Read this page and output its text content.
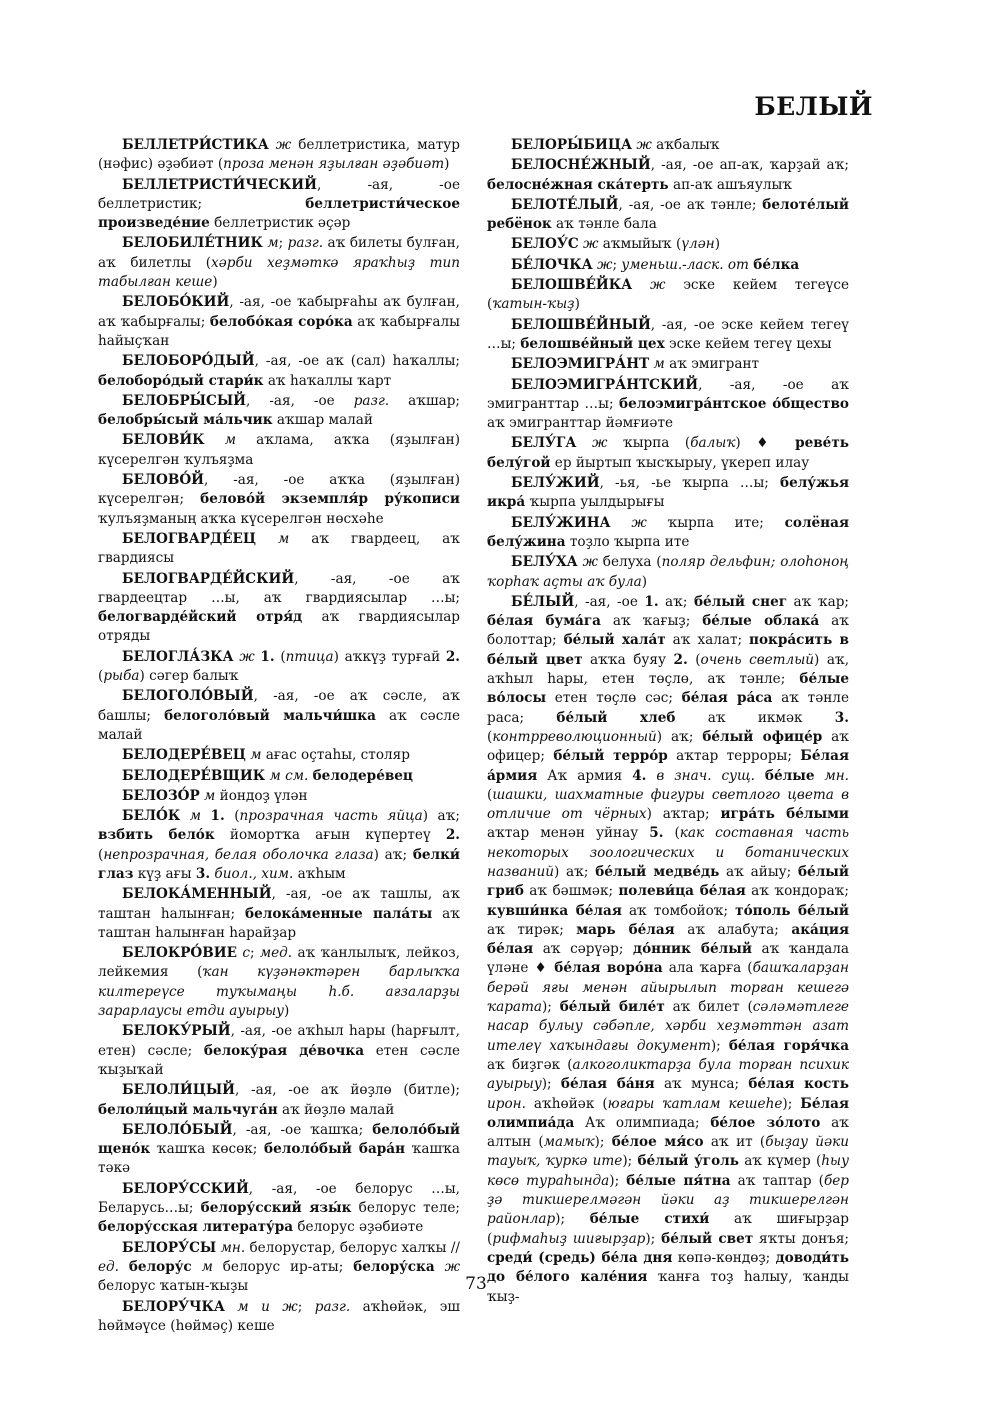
БЕЛЫЙ

БЕЛЛЕТРИ́СТИКА ж беллетристика, матур (нәфис) әҙәбиәт (проза менән яҙылған әҙәбиәт)

БЕЛЛЕТРИСТИ́ЧЕСКИЙ, -ая, -ое беллетристик; беллетристи́ческое произведе́ние беллетристик әҫәр

БЕЛОБИЛЕ́ТНИК м; разг. аҡ билеты булған, аҡ билетлы (хәрби хеҙмәткә яраҡһыҙ тип табылған кеше)

БЕЛОБО́КИЙ, -ая, -ое ҡабырғаһы аҡ булған, аҡ ҡабырғалы; белобо́кая соро́ка аҡ ҡабырғалы һайыҫҡан

БЕЛОБОРО́ДЫЙ, -ая, -ое аҡ (сал) һаҡаллы; белоборо́дый стари́к аҡ һаҡаллы ҡарт

БЕЛОБРЫ́СЫЙ, -ая, -ое разг. аҡшар; белобры́сый ма́льчик аҡшар малай

БЕЛОВИ́К м аҡлама, аҡҡа (яҙылған) күсерелгән ҡулъяҙма

БЕЛОВО́Й, -ая, -ое аҡҡа (яҙылған) күсерелгән; белово́й экземпля́р ру́кописи ҡулъяҙманың аҡҡа күсерелгән нөсхәһе

БЕЛОГВАРДЕ́ЕЦ м аҡ гвардеец, аҡ гвардиясы

БЕЛОГВАРДЕ́ЙСКИЙ, -ая, -ое аҡ гвардеецтар …ы, аҡ гвардиясылар …ы; белогварде́йский отря́д аҡ гвардиясылар отряды

БЕЛОГЛА́ЗКА ж 1. (птица) аҡкүҙ турғай 2. (рыба) сәгер балыҡ

БЕЛОГОЛО́ВЫЙ, -ая, -ое аҡ сәсле, аҡ башлы; белоголо́вый мальчи́шка аҡ сәсле малай

БЕЛОДЕРЕ́ВЕЦ м ағас оҫтаһы, столяр

БЕЛОДЕРЕ́ВЩИК м см. белодере́вец

БЕЛОЗО́Р м йондоҙ үлән

БЕЛО́К м 1. (прозрачная часть яйца) аҡ; взбить бело́к йомортҡа ағын күпертеү 2. (непрозрачная, белая оболочка глаза) аҡ; белки́ глаз күҙ ағы 3. биол., хим. аҡһым

БЕЛОКА́МЕННЫЙ, -ая, -ое аҡ ташлы, аҡ таштан һалынған; белока́менные пала́ты аҡ таштан һалынған һарайҙар

БЕЛОКРО́ВИЕ с; мед. аҡ ҡанлылыҡ, лейкоз, лейкемия (ҡан күҙәнәктәрен барлыҡҡа килтереүсе туҡымаңы һ.б. ағзаларҙы зарарлаусы етди ауырыу)

БЕЛОКУ́РЫЙ, -ая, -ое аҡһыл һары (һарғылт, етен) сәсле; белоку́рая де́вочка етен сәсле ҡыҙыҡай

БЕЛОЛИ́ЦЫЙ, -ая, -ое аҡ йөҙлө (битле); белоли́цый мальчуга́н аҡ йөҙлө малай

БЕЛОЛО́БЫЙ, -ая, -ое ҡашҡа; белоло́бый щено́к ҡашҡа көсөк; белоло́бый бара́н ҡашҡа тәкә

БЕЛОРУ́ССКИЙ, -ая, -ое белорус …ы, Беларусь…ы; белору́сский язы́к белорус теле; белору́сская литерату́ра белорус әҙәбиәте

БЕЛОРУ́СЫ мн. белорустар, белорус халҡы // ед. белору́с м белорус ир-аты; белору́ска ж белорус ҡатын-ҡыҙы

БЕЛОРУ́ЧКА м и ж; разг. аҡһөйәк, эш һөймәүсе (һөймәҫ) кеше

БЕЛОРЫ́БИЦА ж аҡбалыҡ

БЕЛОСНЕ́ЖНЫЙ, -ая, -ое ап-аҡ, ҡарҙай аҡ; белосне́жная ска́терть ап-аҡ ашъяулыҡ

БЕЛОТЕ́ЛЫЙ, -ая, -ое аҡ тәнле; белоте́лый ребёнок аҡ тәнле бала

БЕЛОУ́С ж аҡмыйыҡ (үлән)

БЕ́ЛОЧКА ж; уменьш.-ласк. от бе́лка

БЕЛОШВЕ́ЙКА ж эске кейем тегеүсе (ҡатын-ҡыҙ)

БЕЛОШВЕ́ЙНЫЙ, -ая, -ое эске кейем тегеү …ы; белошве́йный цех эске кейем тегеү цехы

БЕЛОЭМИГРА́НТ м аҡ эмигрант

БЕЛОЭМИГРА́НТСКИЙ, -ая, -ое аҡ эмигранттар …ы; белоэмигра́нтское о́бщество аҡ эмигранттар йәмғиәте

БЕЛУ́ГА ж ҡырпа (балыҡ) ♦ реве́ть белу́гой ер йыртып ҡысҡырыу, үкереп илау

БЕЛУ́ЖИЙ, -ья, -ье ҡырпа …ы; белу́жья икра́ ҡырпа уылдырығы

БЕЛУ́ЖИНА ж ҡырпа ите; солёная белу́жина тоҙло ҡырпа ите

БЕЛУ́ХА ж белуха (поляр дельфин; олоһоноң ҡорһаҡ аҫты аҡ була)

БЕ́ЛЫЙ, -ая, -ое 1. аҡ; бе́лый снег аҡ ҡар; бе́лая бума́га аҡ ҡағыҙ; бе́лые облака́ аҡ болоттар; бе́лый хала́т аҡ халат; покра́сить в бе́лый цвет аҡҡа буяу 2. (очень светлый) аҡ, аҡһыл һары, етен төҫлө, аҡ тәнле; бе́лые во́лосы етен төҫлө сәс; бе́лая ра́са аҡ тәнле раса; бе́лый хлеб аҡ икмәк 3. (контрреволюционный) аҡ; бе́лый офице́р аҡ офицер; бе́лый терро́р аҡтар терроры; Бе́лая а́рмия Аҡ армия 4. в знач. сущ. бе́лые мн. (шашки, шахматные фигуры светлого цвета в отличие от чёрных) аҡтар; игра́ть бе́лыми аҡтар менән уйнау 5. (как составная часть некоторых зоологических и ботанических названий) аҡ; бе́лый медве́дь аҡ айыу; бе́лый гриб аҡ бәшмәк; полеви́ца бе́лая аҡ ҡондораҡ; кувши́нка бе́лая аҡ томбойоҡ; то́поль бе́лый аҡ тирәк; марь бе́лая аҡ алабута; ака́ция бе́лая аҡ сәрүәр; до́нник бе́лый аҡ ҡандала үләне ♦ бе́лая воро́на ала ҡарға (башҡаларҙан берәй яғы менән айырылып торған кешегә ҡарата); бе́лый биле́т аҡ билет (сәләмәтлеге насар булыу сәбәпле, хәрби хеҙмәттән азат ителеү хаҡындағы документ); бе́лая горя́чка аҡ биҙгәк (алкоголиктарҙа була торған психик ауырыу); бе́лая ба́ня аҡ мунса; бе́лая кость ирон. аҡһөйәк (юғары ҡатлам кешеһе); Бе́лая олимпиа́да Аҡ олимпиада; бе́лое зо́лото аҡ алтын (мамыҡ); бе́лое мя́со аҡ ит (быҙау йәки тауыҡ, ҡуркә ите); бе́лый у́голь аҡ күмер (һыу көсө тураһында); бе́лые пя́тна аҡ таптар (бер ҙә тикшерелмәгән йәки аҙ тикшерелгән районлар); бе́лые стихи́ аҡ шиғырҙар (рифмаһыҙ шиғырҙар); бе́лый свет яҡты донъя; среди́ (средь) бе́ла дня көпә-көндөҙ; доводи́ть до бе́лого кале́ния ҡанға тоҙ һалыу, ҡанды ҡыҙ-

73
